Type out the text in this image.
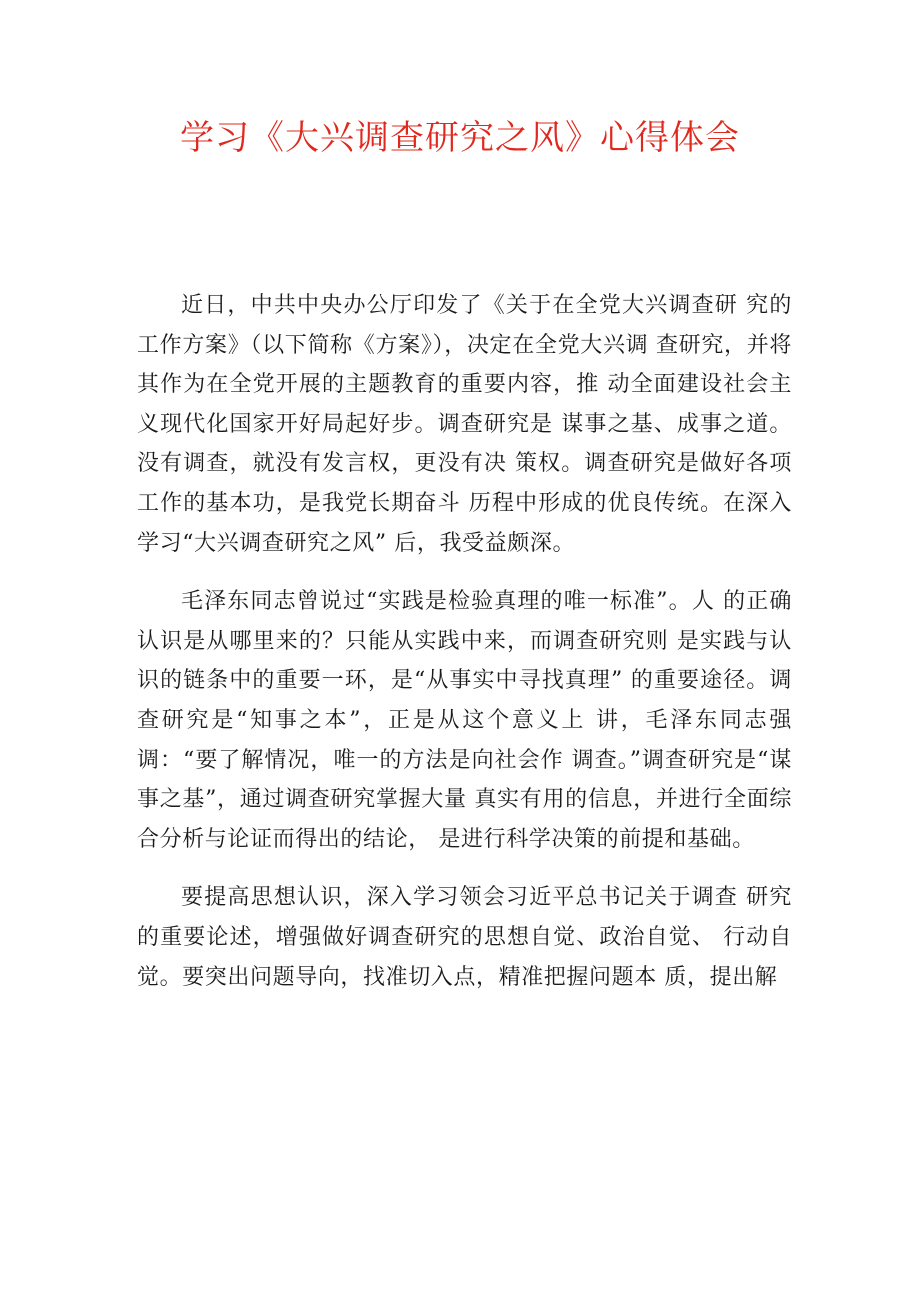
学习《大兴调查研究之风》心得体会

近日，中共中央办公厅印发了《关于在全党大兴调查研 究的工作方案》（以下简称《方案》），决定在全党大兴调 查研究，并将其作为在全党开展的主题教育的重要内容，推 动全面建设社会主义现代化国家开好局起好步。调查研究是 谋事之基、成事之道。没有调查，就没有发言权，更没有决 策权。调查研究是做好各项工作的基本功，是我党长期奋斗 历程中形成的优良传统。在深入学习“大兴调查研究之风” 后，我受益颇深。

毛泽东同志曾说过“实践是检验真理的唯一标准”。人 的正确认识是从哪里来的？只能从实践中来，而调查研究则 是实践与认识的链条中的重要一环，是“从事实中寻找真理” 的重要途径。调查研究是“知事之本”，正是从这个意义上 讲，毛泽东同志强调：“要了解情况，唯一的方法是向社会作 调查。”调查研究是“谋事之基”，通过调查研究掌握大量 真实有用的信息，并进行全面综合分析与论证而得出的结论， 是进行科学决策的前提和基础。

要提高思想认识，深入学习领会习近平总书记关于调查 研究的重要论述，增强做好调查研究的思想自觉、政治自觉、 行动自觉。要突出问题导向，找准切入点，精准把握问题本 质，提出解
